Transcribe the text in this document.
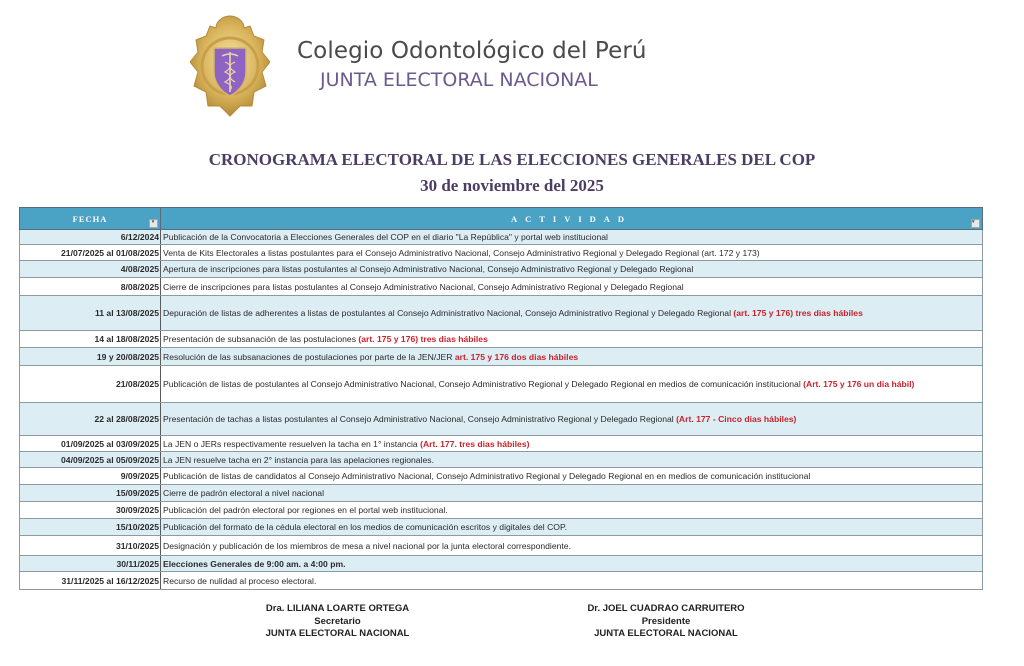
Colegio Odontológico del Perú
JUNTA ELECTORAL NACIONAL
CRONOGRAMA ELECTORAL DE LAS ELECCIONES GENERALES DEL COP
30 de noviembre del 2025
FECHA ▾	ACTIVIDAD ▾

6/12/2024	Publicación de la Convocatoria a Elecciones Generales del COP en el diario "La República" y portal web institucional
21/07/2025 al 01/08/2025	Venta de Kits Electorales a listas postulantes para el Consejo Administrativo Nacional, Consejo Administrativo Regional y Delegado Regional (art. 172 y 173)
4/08/2025	Apertura de inscripciones para listas postulantes al Consejo Administrativo Nacional, Consejo Administrativo Regional y Delegado Regional
8/08/2025	Cierre de inscripciones para listas postulantes al Consejo Administrativo Nacional, Consejo Administrativo Regional y Delegado Regional
11 al 13/08/2025	Depuración de listas de adherentes a listas de postulantes al Consejo Administrativo Nacional, Consejo Administrativo Regional y Delegado Regional (art. 175 y 176) tres dias hábiles
14 al 18/08/2025	Presentación de subsanación de las postulaciones (art. 175 y 176) tres dias hábiles
19 y 20/08/2025	Resolución de las subsanaciones de postulaciones por parte de la JEN/JER art. 175 y 176 dos dias hábiles
21/08/2025	Publicación de listas de postulantes al Consejo Administrativo Nacional, Consejo Administrativo Regional y Delegado Regional en medios de comunicación institucional (Art. 175 y 176 un dia hábil)
22 al 28/08/2025	Presentación de tachas a listas postulantes al Consejo Administrativo Nacional, Consejo Administrativo Regional y Delegado Regional (Art. 177 - Cinco dias hábiles)
01/09/2025 al 03/09/2025	La JEN o JERs respectivamente resuelven la tacha en 1° instancia (Art. 177. tres dias hábiles)
04/09/2025 al 05/09/2025	La JEN resuelve tacha en 2° instancia para las apelaciones regionales.
9/09/2025	Publicación de listas de candidatos al Consejo Administrativo Nacional, Consejo Administrativo Regional y Delegado Regional en en medios de comunicación institucional
15/09/2025	Cierre de padrón electoral a nivel nacional
30/09/2025	Publicación del padrón electoral por regiones en el portal web institucional.
15/10/2025	Publicación del formato de la cédula electoral en los medios de comunicación escritos y digitales del COP.
31/10/2025	Designación y publicación de los miembros de mesa a nivel nacional por la junta electoral correspondiente.
30/11/2025	Elecciones Generales de 9:00 am. a 4:00 pm.
31/11/2025 al 16/12/2025	Recurso de nulidad al proceso electoral.
Dra. LILIANA LOARTE ORTEGA
Secretario
JUNTA ELECTORAL NACIONAL
Dr. JOEL CUADRAO CARRUITERO
Presidente
JUNTA ELECTORAL NACIONAL
